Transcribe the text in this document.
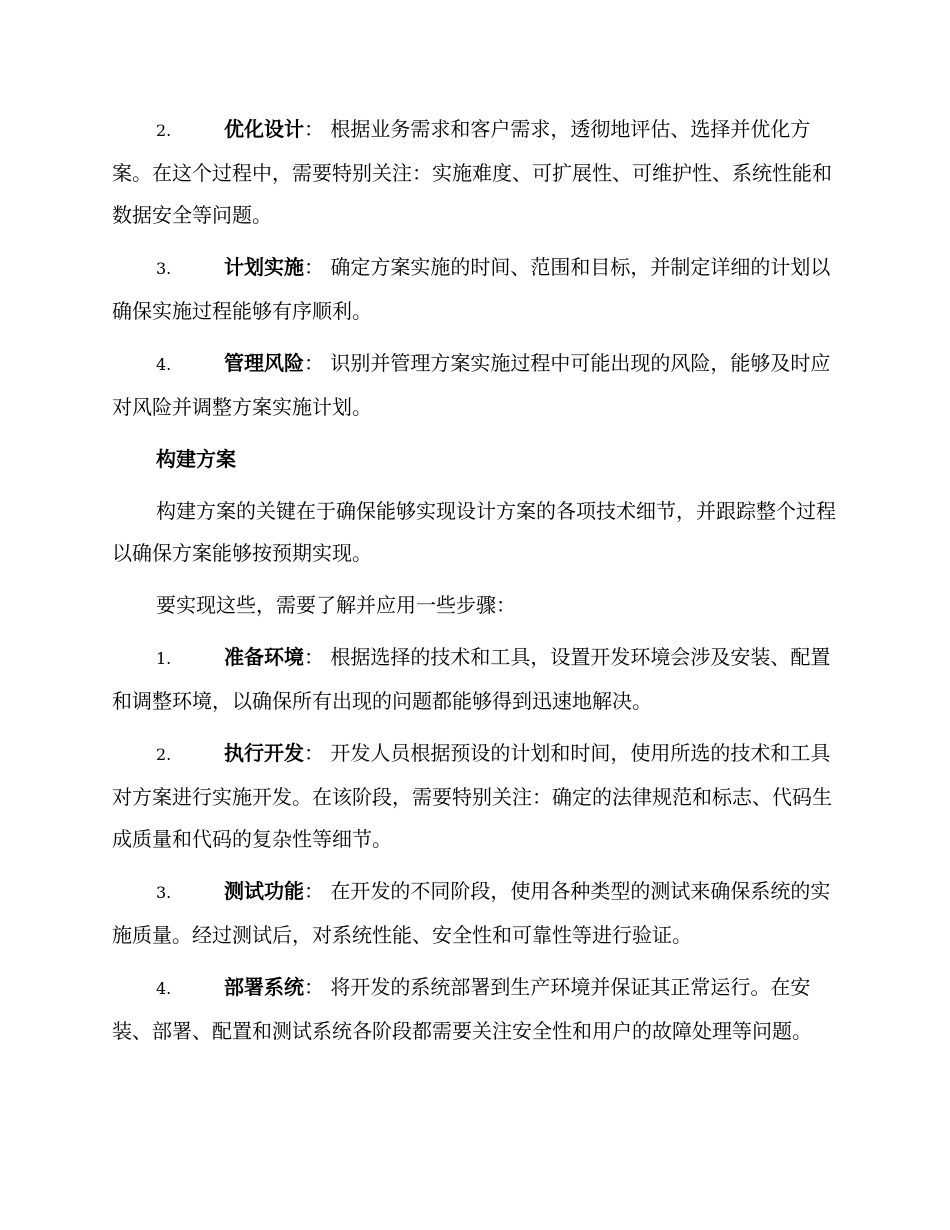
2.	优化设计： 根据业务需求和客户需求，透彻地评估、选择并优化方案。在这个过程中，需要特别关注：实施难度、可扩展性、可维护性、系统性能和数据安全等问题。

3.	计划实施： 确定方案实施的时间、范围和目标，并制定详细的计划以确保实施过程能够有序顺利。

4.	管理风险： 识别并管理方案实施过程中可能出现的风险，能够及时应对风险并调整方案实施计划。

构建方案

构建方案的关键在于确保能够实现设计方案的各项技术细节，并跟踪整个过程以确保方案能够按预期实现。

要实现这些，需要了解并应用一些步骤：

1.	准备环境： 根据选择的技术和工具，设置开发环境会涉及安装、配置和调整环境，以确保所有出现的问题都能够得到迅速地解决。

2.	执行开发： 开发人员根据预设的计划和时间，使用所选的技术和工具对方案进行实施开发。在该阶段，需要特别关注：确定的法律规范和标志、代码生成质量和代码的复杂性等细节。

3.	测试功能： 在开发的不同阶段，使用各种类型的测试来确保系统的实施质量。经过测试后，对系统性能、安全性和可靠性等进行验证。

4.	部署系统： 将开发的系统部署到生产环境并保证其正常运行。在安装、部署、配置和测试系统各阶段都需要关注安全性和用户的故障处理等问题。
